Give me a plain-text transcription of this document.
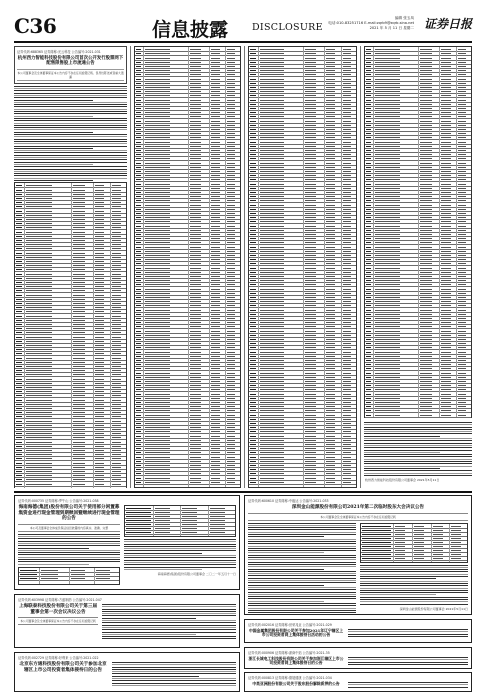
C36	信息披露	DISCLOSURE
编辑 张玉凤
电话:010-83251716 E-mail:zqrb9@zqrb.sina.net
2021 年 5 月 11 日 星期二 证券日报
证券代码:688365 证券简称:光云科技 公告编号:2021-031
杭州西力智能科技股份有限公司首次公开发行股票网下配售限售股上市流通公告
本公司董事会及全体董事保证本公告内容不存在任何虚假记载、误导性陈述或者重大遗漏
杭州西力智能科技股份有限公司董事会 2021年5月11日
证券代码:000735 证券简称:罗牛山 公告编号:2021-038
海南海德(集团)股份有限公司关于使用部分闲置募集资金进行现金管理到期赎回暨继续进行现金管理的公告
本公司及董事会全体成员保证信息披露的内容真实、准确、完整
海南海德(集团)股份有限公司董事会 二〇二一年五月十一日
证券代码:603998 证券简称:方盛制药 公告编号:2021-047
上海联泰科技股份有限公司关于第三届董事会第一次会议决议公告
本公司董事会及全体董事保证本公告内容不存在任何虚假记载
证券代码:002729 证券简称:好利来 公告编号:2021-022
北京东方通科技股份有限公司关于参加北京辖区上市公司投资者集体接待日的公告
证券代码:600610 证券简称:中毅达 公告编号:2021-033
深圳金山能源股份有限公司2021年第二次临时股东大会决议公告
本公司董事会及全体董事保证本公告内容不存在任何虚假记载
深圳金山能源股份有限公司董事会 2021年5月11日
证券代码:002016 证券简称:世荣兆业 公告编号:2021-029
中国金属集团股份有限公司关于参加2021年辽宁辖区上市公司投资者网上集体接待日活动的公告
证券代码:000906 证券简称:浙商中拓 公告编号:2021-35
浙江长城电工科技股份有限公司关于参加浙江辖区上市公司投资者网上集体接待日的公告
证券代码:000813 证券简称:德展健康 公告编号:2021-034
中昊亚洲股份有限公司关于股东股份解除质押的公告
